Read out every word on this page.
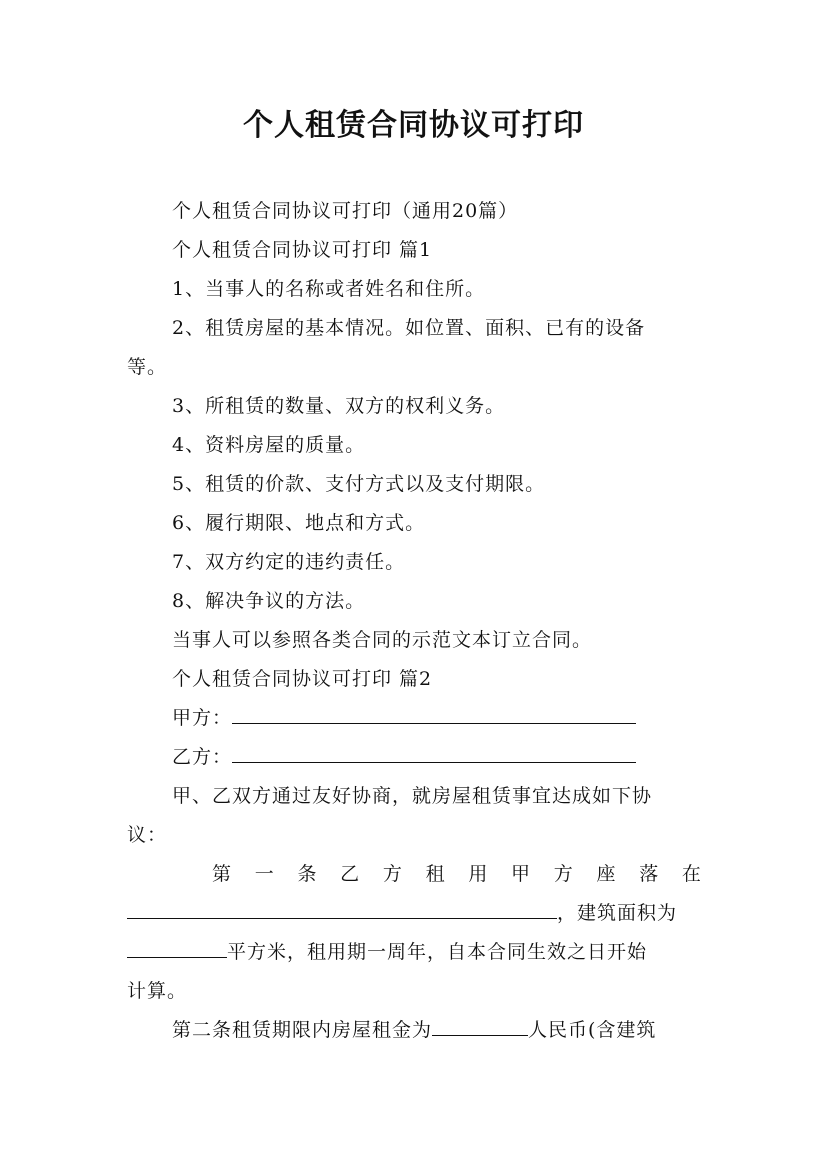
个人租赁合同协议可打印
个人租赁合同协议可打印（通用20篇）
个人租赁合同协议可打印 篇1
1、当事人的名称或者姓名和住所。
2、租赁房屋的基本情况。如位置、面积、已有的设备
等。
3、所租赁的数量、双方的权利义务。
4、资料房屋的质量。
5、租赁的价款、支付方式以及支付期限。
6、履行期限、地点和方式。
7、双方约定的违约责任。
8、解决争议的方法。
当事人可以参照各类合同的示范文本订立合同。
个人租赁合同协议可打印 篇2
甲方：
乙方：
甲、乙双方通过友好协商，就房屋租赁事宜达成如下协
议：
第 一 条 乙 方 租 用 甲 方 座 落 在
，建筑面积为
平方米，租用期一周年，自本合同生效之日开始
计算。
第二条租赁期限内房屋租金为	人民币(含建筑
